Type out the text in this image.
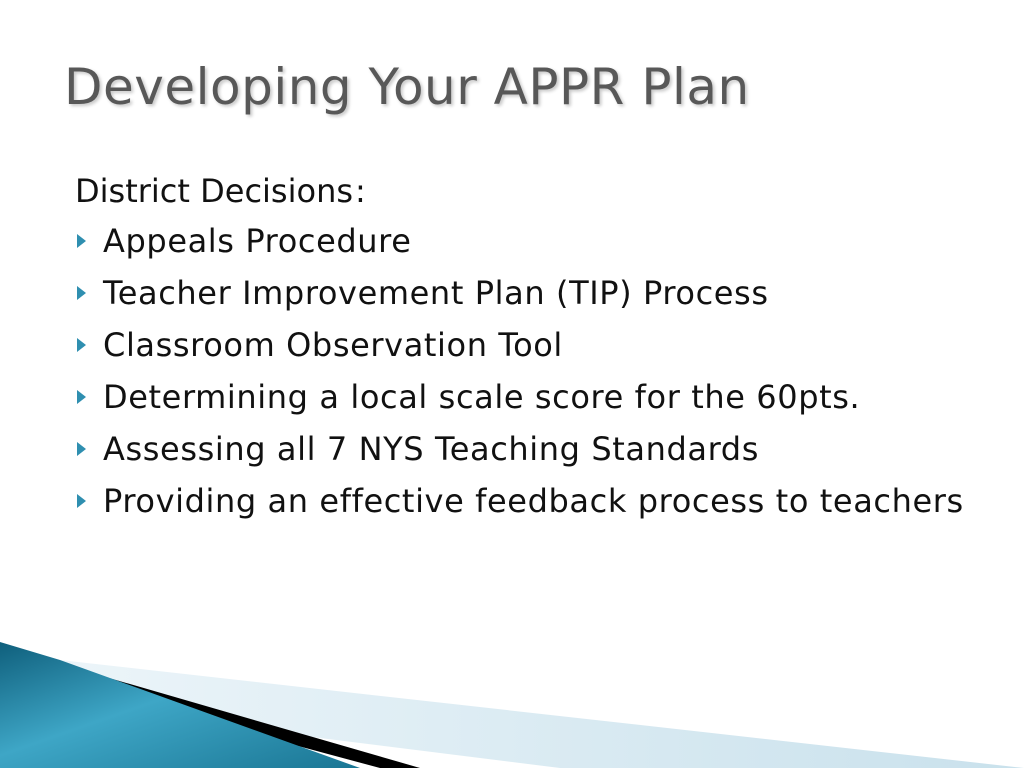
Developing Your APPR Plan
District Decisions:
Appeals Procedure
Teacher Improvement Plan (TIP) Process
Classroom Observation Tool
Determining a local scale score for the 60pts.
Assessing all 7 NYS Teaching Standards
Providing an effective feedback process to teachers
